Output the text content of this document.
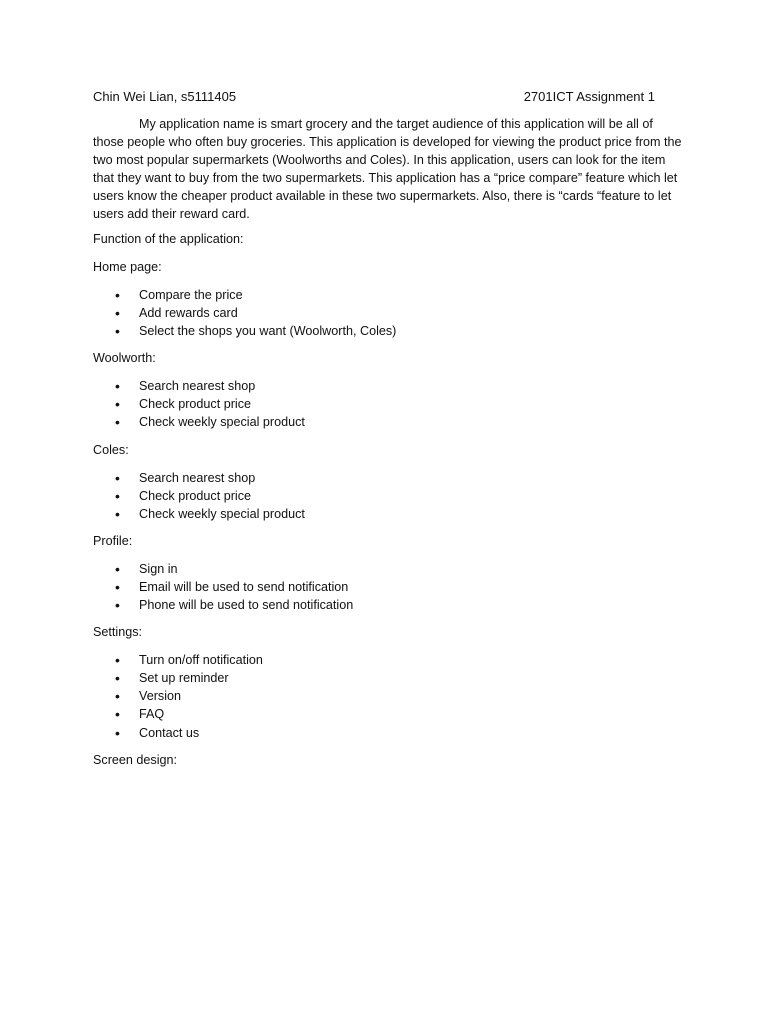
Chin Wei Lian, s5111405	2701ICT Assignment 1

My application name is smart grocery and the target audience of this application will be all of those people who often buy groceries. This application is developed for viewing the product price from the two most popular supermarkets (Woolworths and Coles). In this application, users can look for the item that they want to buy from the two supermarkets. This application has a “price compare” feature which let users know the cheaper product available in these two supermarkets. Also, there is “cards “feature to let users add their reward card.

Function of the application:

Home page:

• Compare the price
• Add rewards card
• Select the shops you want (Woolworth, Coles)

Woolworth:

• Search nearest shop
• Check product price
• Check weekly special product

Coles:

• Search nearest shop
• Check product price
• Check weekly special product

Profile:

• Sign in
• Email will be used to send notification
• Phone will be used to send notification

Settings:

• Turn on/off notification
• Set up reminder
• Version
• FAQ
• Contact us

Screen design:
